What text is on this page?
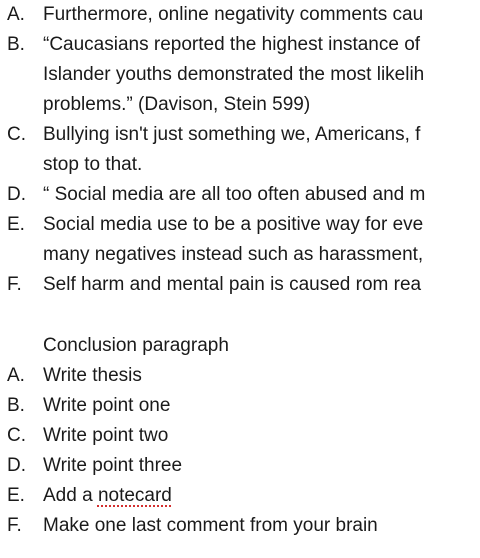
A. Furthermore, online negativity comments cau
B. “Caucasians reported the highest instance of
Islander youths demonstrated the most likelih
problems.” (Davison, Stein 599)
C. Bullying isn't just something we, Americans, f
stop to that.
D. “ Social media are all too often abused and m
E. Social media use to be a positive way for eve
many negatives instead such as harassment,
F.	Self harm and mental pain is caused rom rea
Conclusion paragraph
A. Write thesis
B. Write point one
C. Write point two
D. Write point three
E. Add a notecard
F.	Make one last comment from your brain
